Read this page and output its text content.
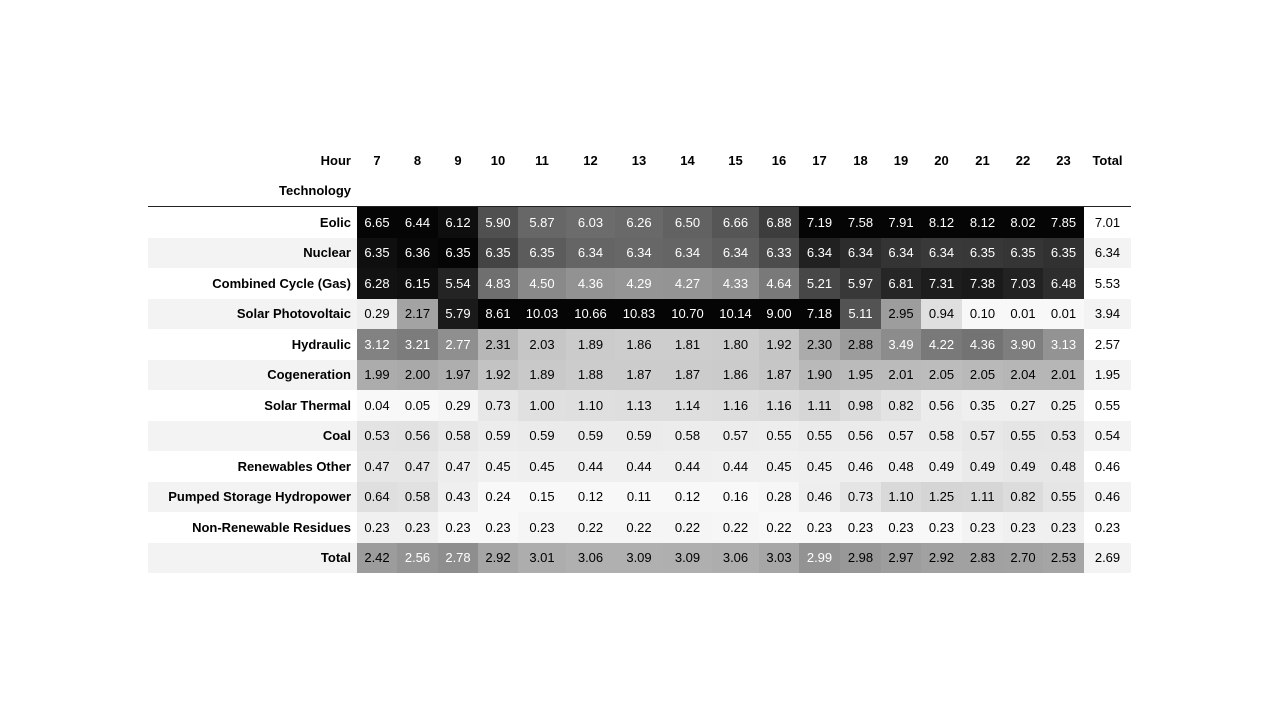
Hour	7	8	9	10	11	12	13	14	15	16	17	18	19	20	21	22	23	Total
Technology																		
Eolic	6.65	6.44	6.12	5.90	5.87	6.03	6.26	6.50	6.66	6.88	7.19	7.58	7.91	8.12	8.12	8.02	7.85	7.01
Nuclear	6.35	6.36	6.35	6.35	6.35	6.34	6.34	6.34	6.34	6.33	6.34	6.34	6.34	6.34	6.35	6.35	6.35	6.34
Combined Cycle (Gas)	6.28	6.15	5.54	4.83	4.50	4.36	4.29	4.27	4.33	4.64	5.21	5.97	6.81	7.31	7.38	7.03	6.48	5.53
Solar Photovoltaic	0.29	2.17	5.79	8.61	10.03	10.66	10.83	10.70	10.14	9.00	7.18	5.11	2.95	0.94	0.10	0.01	0.01	3.94
Hydraulic	3.12	3.21	2.77	2.31	2.03	1.89	1.86	1.81	1.80	1.92	2.30	2.88	3.49	4.22	4.36	3.90	3.13	2.57
Cogeneration	1.99	2.00	1.97	1.92	1.89	1.88	1.87	1.87	1.86	1.87	1.90	1.95	2.01	2.05	2.05	2.04	2.01	1.95
Solar Thermal	0.04	0.05	0.29	0.73	1.00	1.10	1.13	1.14	1.16	1.16	1.11	0.98	0.82	0.56	0.35	0.27	0.25	0.55
Coal	0.53	0.56	0.58	0.59	0.59	0.59	0.59	0.58	0.57	0.55	0.55	0.56	0.57	0.58	0.57	0.55	0.53	0.54
Renewables Other	0.47	0.47	0.47	0.45	0.45	0.44	0.44	0.44	0.44	0.45	0.45	0.46	0.48	0.49	0.49	0.49	0.48	0.46
Pumped Storage Hydropower	0.64	0.58	0.43	0.24	0.15	0.12	0.11	0.12	0.16	0.28	0.46	0.73	1.10	1.25	1.11	0.82	0.55	0.46
Non-Renewable Residues	0.23	0.23	0.23	0.23	0.23	0.22	0.22	0.22	0.22	0.22	0.23	0.23	0.23	0.23	0.23	0.23	0.23	0.23
Total	2.42	2.56	2.78	2.92	3.01	3.06	3.09	3.09	3.06	3.03	2.99	2.98	2.97	2.92	2.83	2.70	2.53	2.69
